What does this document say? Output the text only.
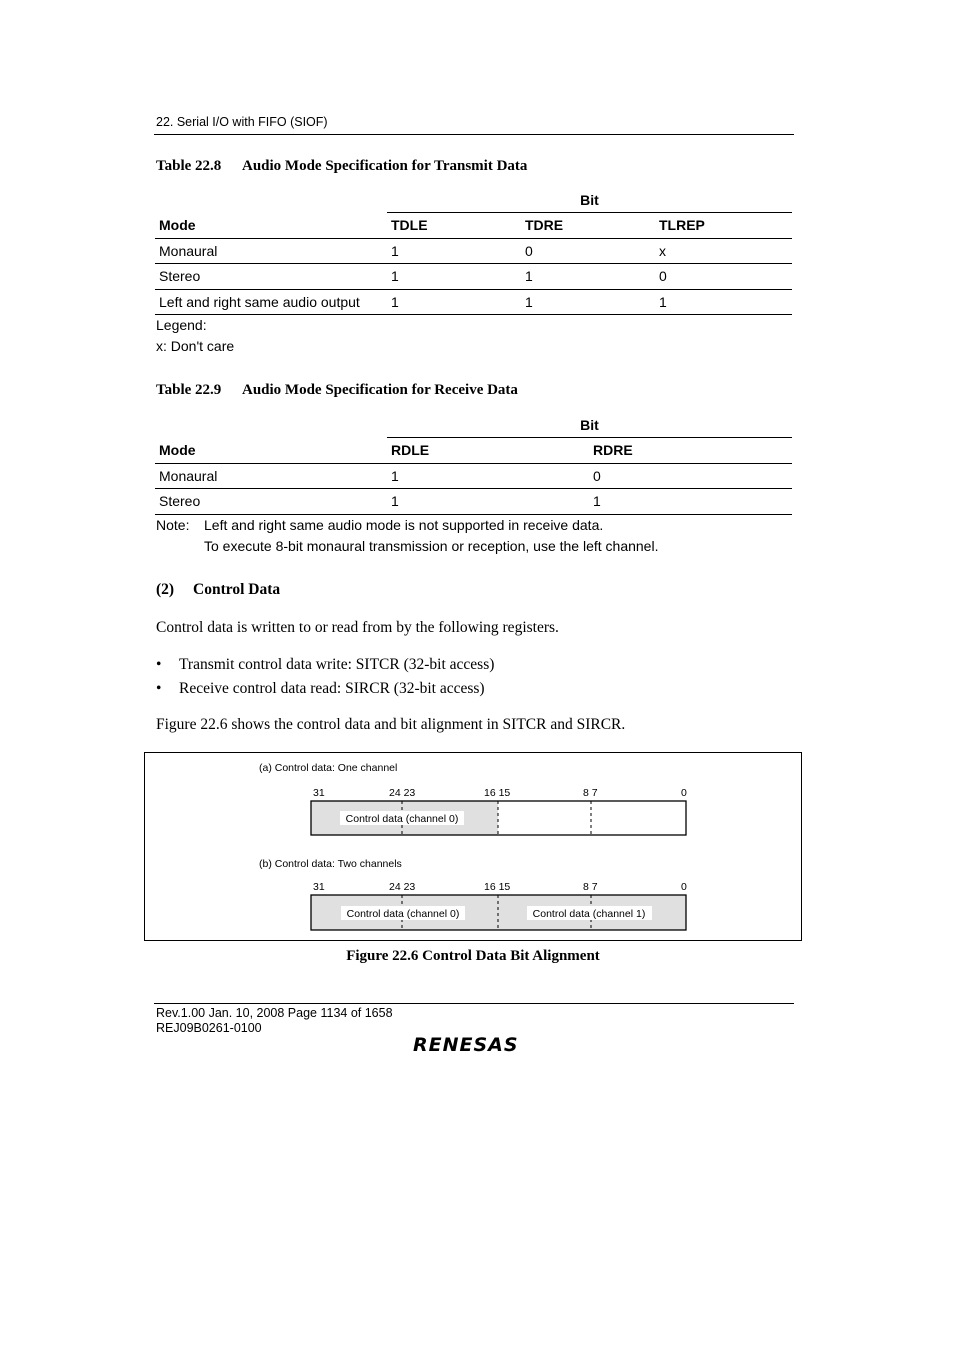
22. Serial I/O with FIFO (SIOF)
Table 22.8 Audio Mode Specification for Transmit Data
	Bit		
Mode	TDLE	TDRE	TLREP
Monaural	1	0	x
Stereo	1	1	0
Left and right same audio output	1	1	1
Legend:
x: Don't care
Table 22.9 Audio Mode Specification for Receive Data
	Bit	
Mode	RDLE	RDRE
Monaural	1	0
Stereo	1	1
Note: Left and right same audio mode is not supported in receive data.
To execute 8-bit monaural transmission or reception, use the left channel.
(2) Control Data
Control data is written to or read from by the following registers.
• Transmit control data write: SITCR (32-bit access)
• Receive control data read: SIRCR (32-bit access)
Figure 22.6 shows the control data and bit alignment in SITCR and SIRCR.
(a) Control data: One channel
31	24 23	16 15	8 7	0
Control data (channel 0)
(b) Control data: Two channels
31	24 23	16 15	8 7	0
Control data (channel 0)	Control data (channel 1)
Figure 22.6 Control Data Bit Alignment
Rev.1.00 Jan. 10, 2008 Page 1134 of 1658
REJ09B0261-0100
RENESAS
